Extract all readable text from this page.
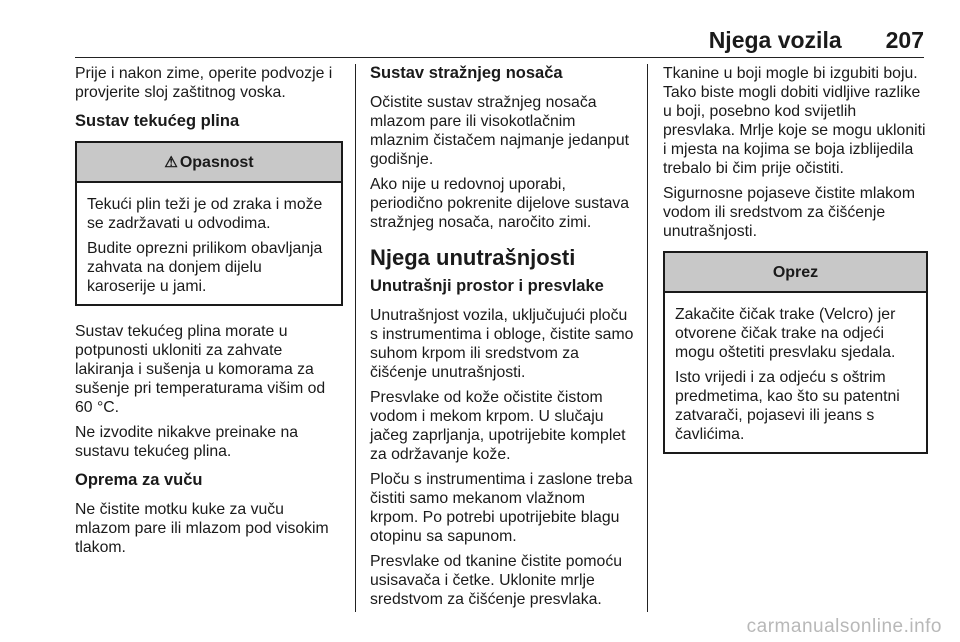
Njega vozila 207

Prije i nakon zime, operite podvozje i provjerite sloj zaštitnog voska.

Sustav tekućeg plina
⚠ Opasnost

Tekući plin teži je od zraka i može se zadržavati u odvodima.

Budite oprezni prilikom obavljanja zahvata na donjem dijelu karoserije u jami.

Sustav tekućeg plina morate u potpunosti ukloniti za zahvate lakiranja i sušenja u komorama za sušenje pri temperaturama višim od 60 °C.

Ne izvodite nikakve preinake na sustavu tekućeg plina.

Oprema za vuču

Ne čistite motku kuke za vuču mlazom pare ili mlazom pod visokim tlakom.

Sustav stražnjeg nosača

Očistite sustav stražnjeg nosača mlazom pare ili visokotlačnim mlaznim čistačem najmanje jedanput godišnje.

Ako nije u redovnoj uporabi, periodično pokrenite dijelove sustava stražnjeg nosača, naročito zimi.

Njega unutrašnjosti
Unutrašnji prostor i presvlake

Unutrašnjost vozila, uključujući ploču s instrumentima i obloge, čistite samo suhom krpom ili sredstvom za čišćenje unutrašnjosti.

Presvlake od kože očistite čistom vodom i mekom krpom. U slučaju jačeg zaprljanja, upotrijebite komplet za održavanje kože.

Ploču s instrumentima i zaslone treba čistiti samo mekanom vlažnom krpom. Po potrebi upotrijebite blagu otopinu sa sapunom.

Presvlake od tkanine čistite pomoću usisavača i četke. Uklonite mrlje sredstvom za čišćenje presvlaka.

Tkanine u boji mogle bi izgubiti boju. Tako biste mogli dobiti vidljive razlike u boji, posebno kod svijetlih presvlaka. Mrlje koje se mogu ukloniti i mjesta na kojima se boja izblijedila trebalo bi čim prije očistiti.

Sigurnosne pojaseve čistite mlakom vodom ili sredstvom za čišćenje unutrašnjosti.

Oprez

Zakačite čičak trake (Velcro) jer otvorene čičak trake na odjeći mogu oštetiti presvlaku sjedala.

Isto vrijedi i za odjeću s oštrim predmetima, kao što su patentni zatvarači, pojasevi ili jeans s čavlićima.

carmanualsonline.info
